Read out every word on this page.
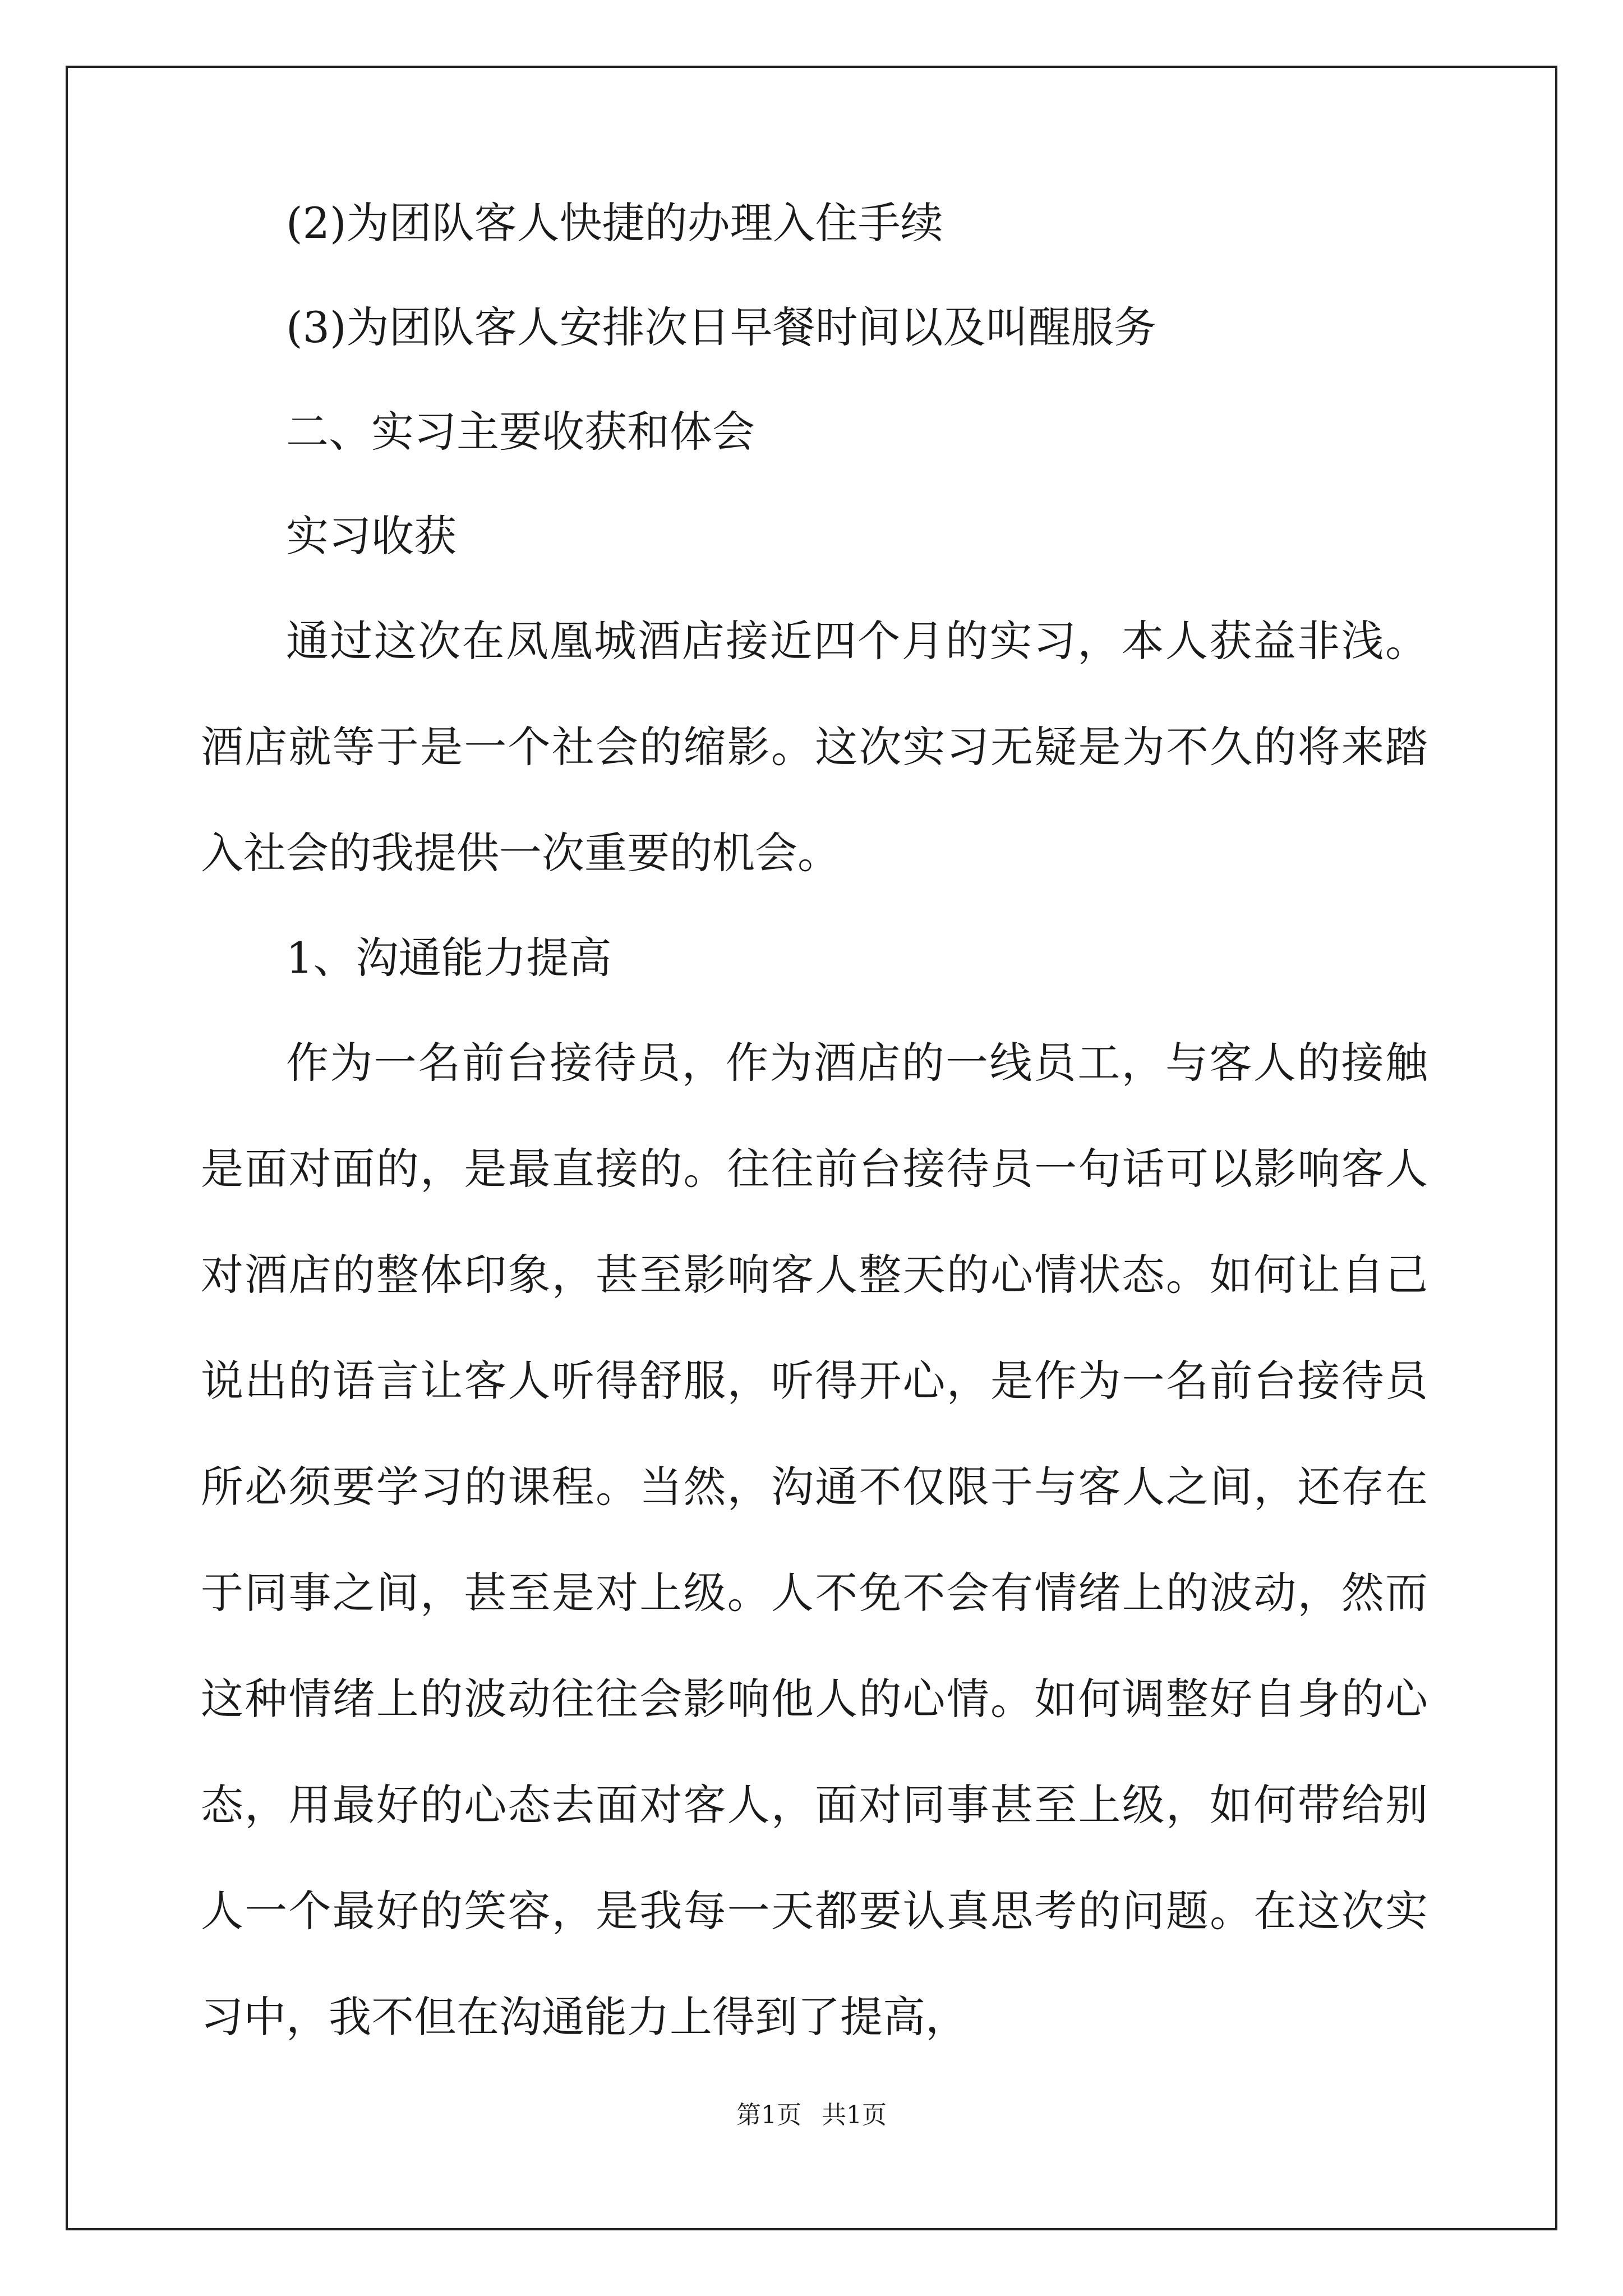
(2)为团队客人快捷的办理入住手续

(3)为团队客人安排次日早餐时间以及叫醒服务

二、实习主要收获和体会

实习收获

通过这次在凤凰城酒店接近四个月的实习，本人获益非浅。酒店就等于是一个社会的缩影。这次实习无疑是为不久的将来踏入社会的我提供一次重要的机会。

1、沟通能力提高

作为一名前台接待员，作为酒店的一线员工，与客人的接触是面对面的，是最直接的。往往前台接待员一句话可以影响客人对酒店的整体印象，甚至影响客人整天的心情状态。如何让自己说出的语言让客人听得舒服，听得开心，是作为一名前台接待员所必须要学习的课程。当然，沟通不仅限于与客人之间，还存在于同事之间，甚至是对上级。人不免不会有情绪上的波动，然而这种情绪上的波动往往会影响他人的心情。如何调整好自身的心态，用最好的心态去面对客人，面对同事甚至上级，如何带给别人一个最好的笑容，是我每一天都要认真思考的问题。在这次实习中，我不但在沟通能力上得到了提高，

第1页 共1页
